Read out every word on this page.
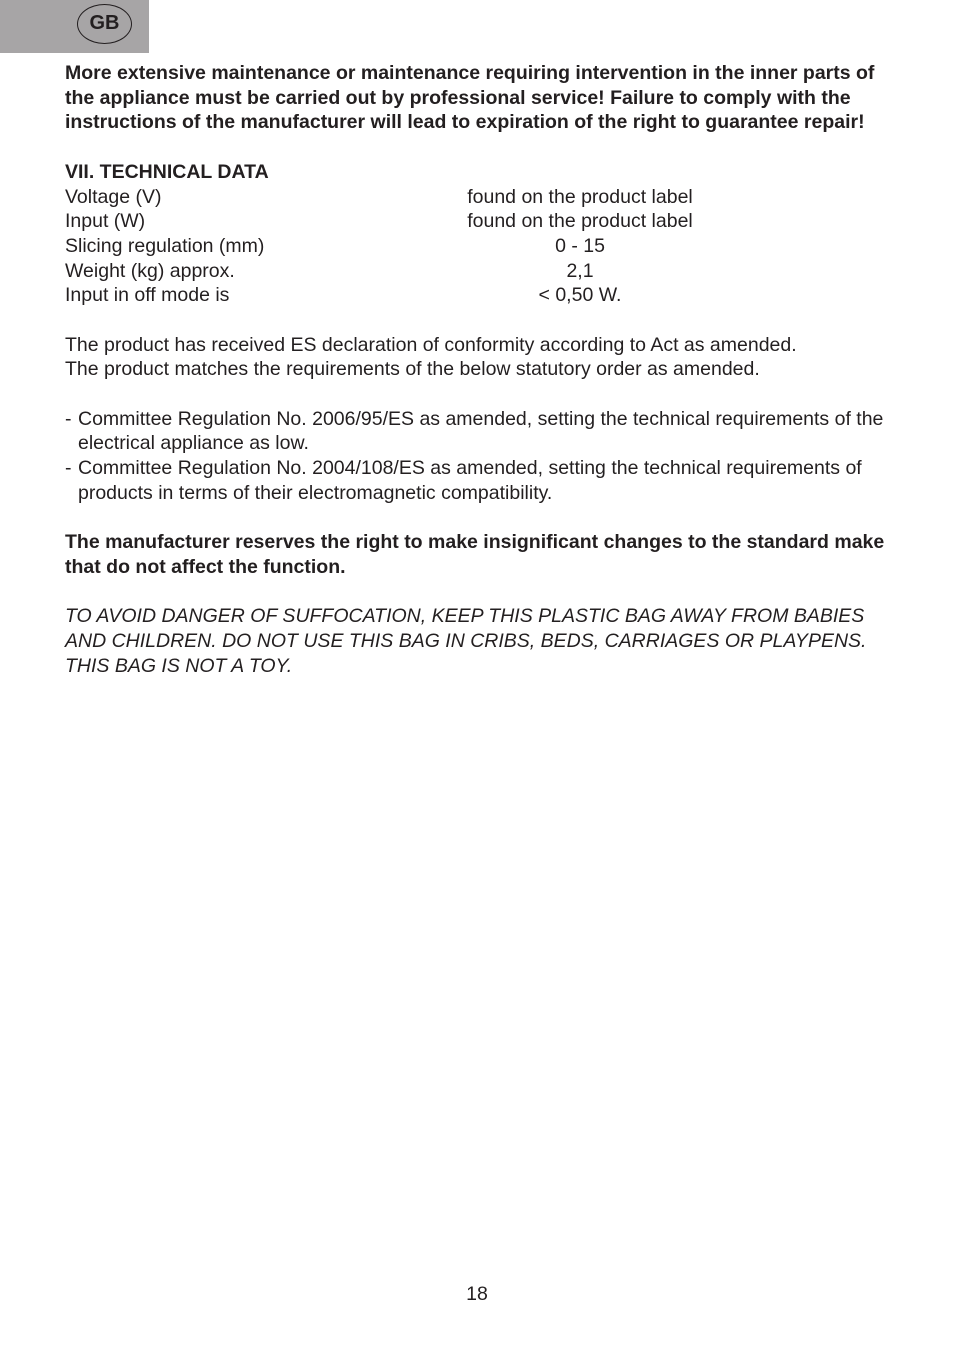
GB

More extensive maintenance or maintenance requiring intervention in the inner parts of the appliance must be carried out by professional service! Failure to comply with the instructions of the manufacturer will lead to expiration of the right to guarantee repair!

VII. TECHNICAL DATA

Voltage (V)	found on the product label
Input (W)	found on the product label
Slicing regulation (mm)	0 - 15
Weight (kg) approx.	2,1
Input in off mode is	< 0,50 W.

The product has received ES declaration of conformity according to Act as amended.

The product matches the requirements of the below statutory order as amended.

- Committee Regulation No. 2006/95/ES as amended, setting the technical requirements of the electrical appliance as low.
- Committee Regulation No. 2004/108/ES as amended, setting the technical requirements of products in terms of their electromagnetic compatibility.

The manufacturer reserves the right to make insignificant changes to the standard make that do not affect the function.

TO AVOID DANGER OF SUFFOCATION, KEEP THIS PLASTIC BAG AWAY FROM BABIES AND CHILDREN. DO NOT USE THIS BAG IN CRIBS, BEDS, CARRIAGES OR PLAYPENS. THIS BAG IS NOT A TOY.

18
